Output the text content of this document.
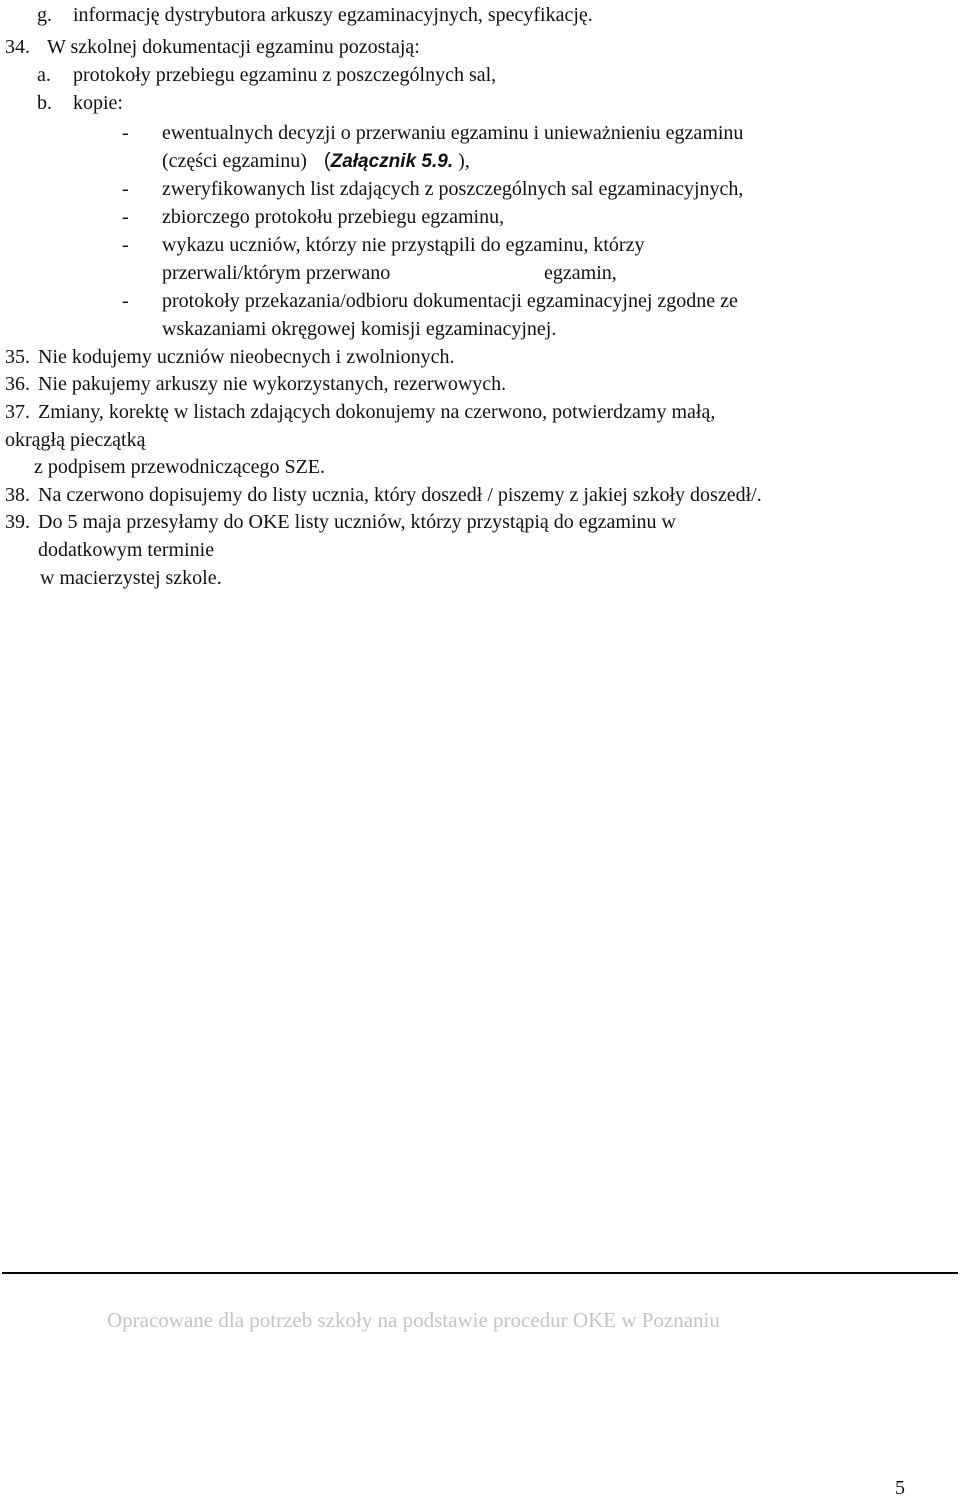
g. informację dystrybutora arkuszy egzaminacyjnych, specyfikację.
34. W szkolnej dokumentacji egzaminu pozostają:
a. protokoły przebiegu egzaminu z poszczególnych sal,
b. kopie:
- ewentualnych decyzji o przerwaniu egzaminu i unieważnieniu egzaminu
(części egzaminu) (Załącznik 5.9. ),
- zweryfikowanych list zdających z poszczególnych sal egzaminacyjnych,
- zbiorczego protokołu przebiegu egzaminu,
- wykazu uczniów, którzy nie przystąpili do egzaminu, którzy
przerwali/którym przerwano	egzamin,
- protokoły przekazania/odbioru dokumentacji egzaminacyjnej zgodne ze
wskazaniami okręgowej komisji egzaminacyjnej.
35. Nie kodujemy uczniów nieobecnych i zwolnionych.
36. Nie pakujemy arkuszy nie wykorzystanych, rezerwowych.
37. Zmiany, korektę w listach zdających dokonujemy na czerwono, potwierdzamy małą,
okrągłą pieczątką
z podpisem przewodniczącego SZE.
38. Na czerwono dopisujemy do listy ucznia, który doszedł / piszemy z jakiej szkoły doszedł/.
39. Do 5 maja przesyłamy do OKE listy uczniów, którzy przystąpią do egzaminu w
dodatkowym terminie
w macierzystej szkole.
Opracowane dla potrzeb szkoły na podstawie procedur OKE w Poznaniu
5
